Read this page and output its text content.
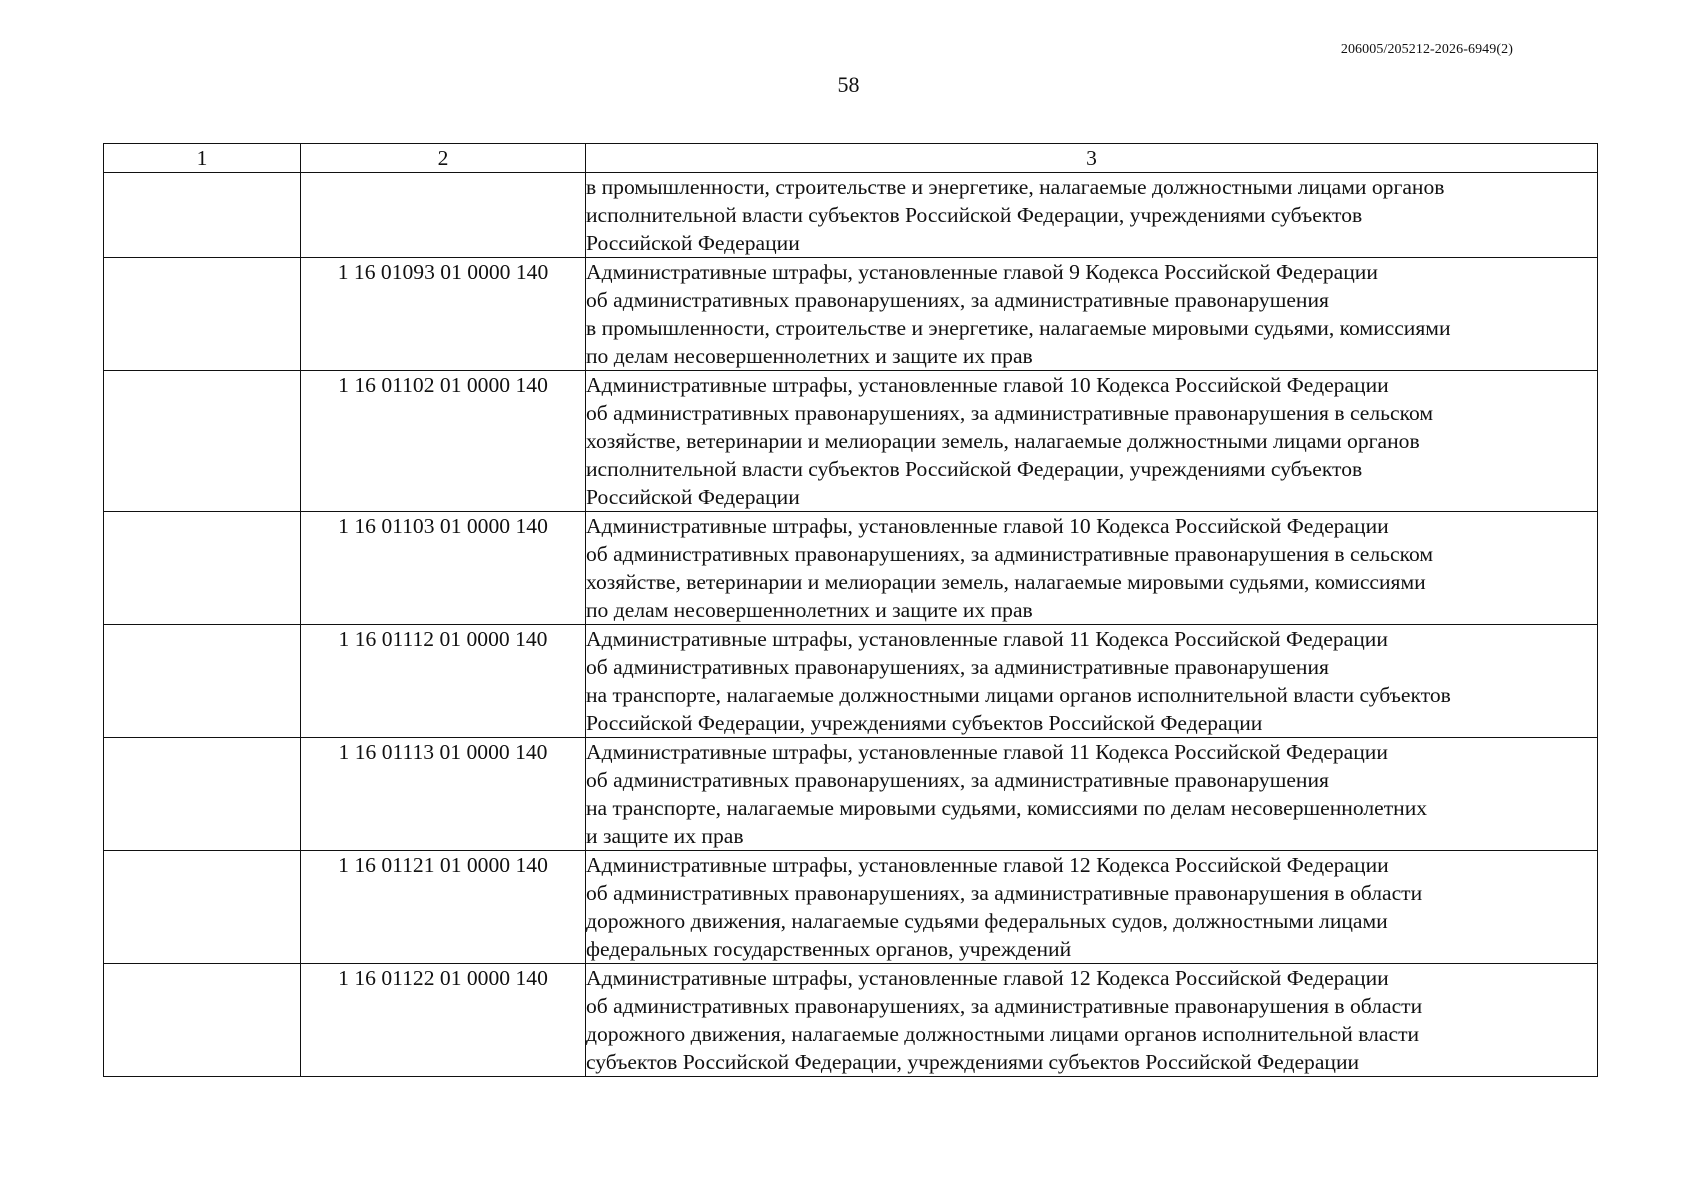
206005/205212-2026-6949(2)
58
1	2	3

		в промышленности, строительстве и энергетике, налагаемые должностными лицами органов
исполнительной власти субъектов Российской Федерации, учреждениями субъектов
Российской Федерации

	1 16 01093 01 0000 140	Административные штрафы, установленные главой 9 Кодекса Российской Федерации
об административных правонарушениях, за административные правонарушения
в промышленности, строительстве и энергетике, налагаемые мировыми судьями, комиссиями
по делам несовершеннолетних и защите их прав

	1 16 01102 01 0000 140	Административные штрафы, установленные главой 10 Кодекса Российской Федерации
об административных правонарушениях, за административные правонарушения в сельском
хозяйстве, ветеринарии и мелиорации земель, налагаемые должностными лицами органов
исполнительной власти субъектов Российской Федерации, учреждениями субъектов
Российской Федерации

	1 16 01103 01 0000 140	Административные штрафы, установленные главой 10 Кодекса Российской Федерации
об административных правонарушениях, за административные правонарушения в сельском
хозяйстве, ветеринарии и мелиорации земель, налагаемые мировыми судьями, комиссиями
по делам несовершеннолетних и защите их прав

	1 16 01112 01 0000 140	Административные штрафы, установленные главой 11 Кодекса Российской Федерации
об административных правонарушениях, за административные правонарушения
на транспорте, налагаемые должностными лицами органов исполнительной власти субъектов
Российской Федерации, учреждениями субъектов Российской Федерации

	1 16 01113 01 0000 140	Административные штрафы, установленные главой 11 Кодекса Российской Федерации
об административных правонарушениях, за административные правонарушения
на транспорте, налагаемые мировыми судьями, комиссиями по делам несовершеннолетних
и защите их прав

	1 16 01121 01 0000 140	Административные штрафы, установленные главой 12 Кодекса Российской Федерации
об административных правонарушениях, за административные правонарушения в области
дорожного движения, налагаемые судьями федеральных судов, должностными лицами
федеральных государственных органов, учреждений

	1 16 01122 01 0000 140	Административные штрафы, установленные главой 12 Кодекса Российской Федерации
об административных правонарушениях, за административные правонарушения в области
дорожного движения, налагаемые должностными лицами органов исполнительной власти
субъектов Российской Федерации, учреждениями субъектов Российской Федерации
